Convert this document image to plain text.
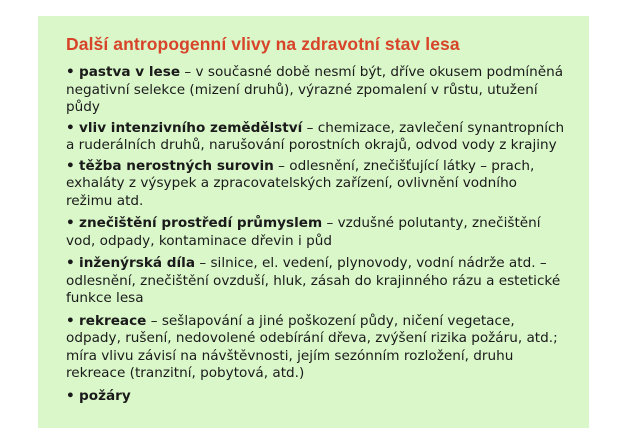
Další antropogenní vlivy na zdravotní stav lesa
• pastva v lese – v současné době nesmí být, dříve okusem podmíněná negativní selekce (mizení druhů), výrazné zpomalení v růstu, utužení půdy
• vliv intenzivního zemědělství – chemizace, zavlečení synantropních a ruderálních druhů, narušování porostních okrajů, odvod vody z krajiny
• těžba nerostných surovin – odlesnění, znečišťující látky – prach, exhaláty z výsypek a zpracovatelských zařízení, ovlivnění vodního režimu atd.
• znečištění prostředí průmyslem – vzdušné polutanty, znečištění vod, odpady, kontaminace dřevin i půd
• inženýrská díla – silnice, el. vedení, plynovody, vodní nádrže atd. – odlesnění, znečištění ovzduší, hluk, zásah do krajinného rázu a estetické funkce lesa
• rekreace – sešlapování a jiné poškození půdy, ničení vegetace, odpady, rušení, nedovolené odebírání dřeva, zvýšení rizika požáru, atd.; míra vlivu závisí na návštěvnosti, jejím sezónním rozložení, druhu rekreace (tranzitní, pobytová, atd.)
• požáry
